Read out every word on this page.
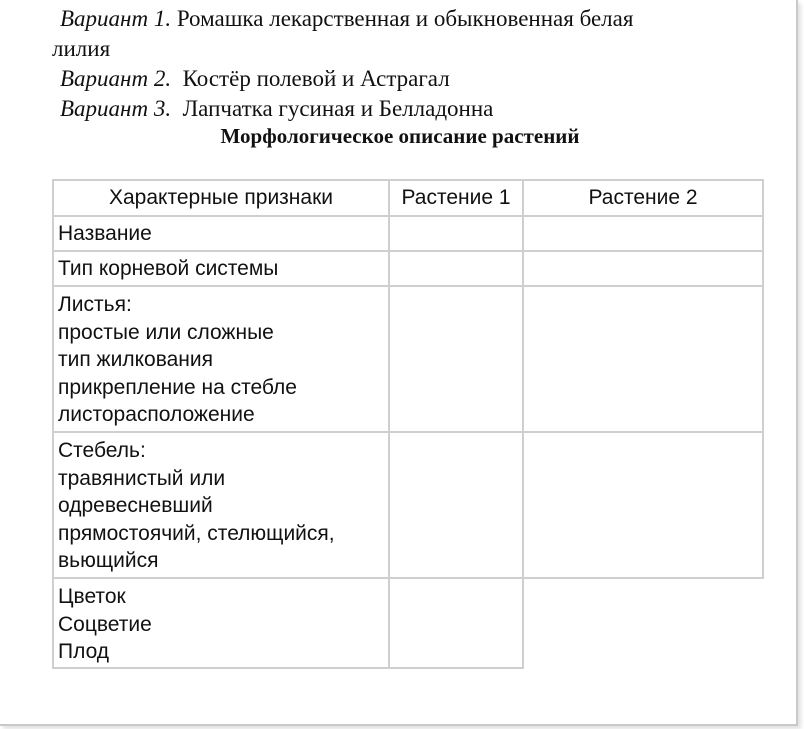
Вариант 1. Ромашка лекарственная и обыкновенная белая

лилия

Вариант 2.  Костёр полевой и Астрагал

Вариант 3.  Лапчатка гусиная и Белладонна

Морфологическое описание растений
Характерные признаки	Растение 1	Растение 2

Название		

Тип корневой системы		

Листья:
простые или сложные
тип жилкования
прикрепление на стебле
листорасположение		

Стебель:
травянистый или
одревесневший
прямостоячий, стелющийся,
вьющийся		

Цветок
Соцветие
Плод		
